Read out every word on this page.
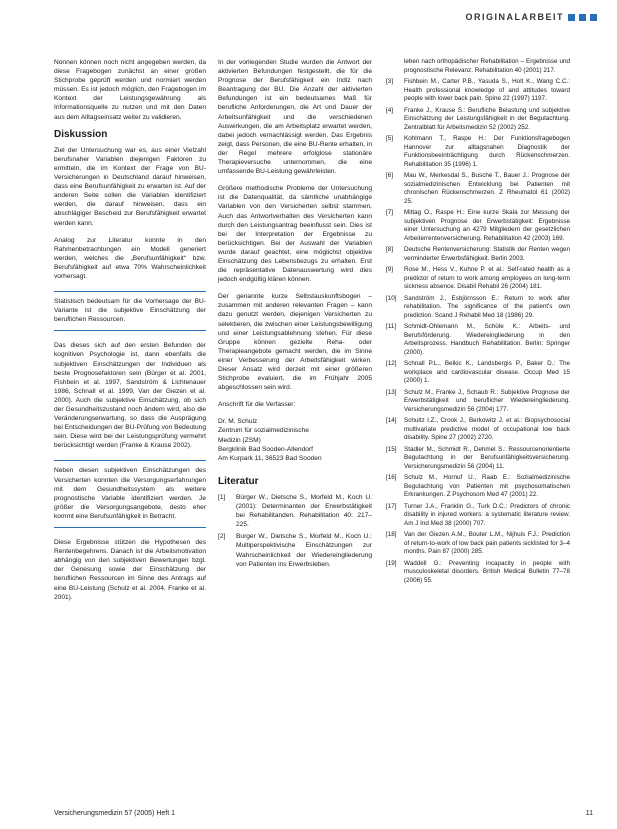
ORIGINALARBEIT

Nonnen können noch nicht angegeben werden, da diese Fragebogen zunächst an einer großen Stichprobe geprüft werden und normiert werden müssen. Es ist jedoch möglich, den Fragebogen im Kontext der Leistungsgewährung als Informationsquelle zu nutzen und mit den Daten aus dem Alltagseinsatz weiter zu validieren.

Diskussion

Ziel der Untersuchung war es, aus einer Vielzahl berufsnaher Variablen diejenigen Faktoren zu ermitteln, die im Kontext der Frage von BU-Versicherungen in Deutschland darauf hinweisen, dass eine Berufsunfähigkeit zu erwarten ist. Auf der anderen Seite sollen die Variablen identifiziert werden, die darauf hinweisen, dass ein abschlägiger Bescheid zur Berufsfähigkeit erwartet werden kann.

Analog zur Literatur konnte in den Rahmenbetrachtungen ein Modell generiert werden, welches die „Berufsunfähigkeit“ bzw. Berufsfähigkeit auf etwa 70% Wahrscheinlichkeit vorhersagt.

Statistisch bedeutsam für die Vorhersage der BU-Variante ist die subjektive Einschätzung der beruflichen Ressourcen.

Das dieses sich auf den ersten Befunden der kognitiven Psychologie ist, dann ebenfalls die subjektiven Einschätzungen der Individuen als beste Prognosefaktoren sein (Bürger et al. 2001, Fishbein et al. 1997, Sandström & Lichtenauer 1986, Schnall et al. 1999, Van der Giezen et al. 2000). Auch die subjektive Einschätzung, ob sich der Gesundheitszustand noch ändern wird, also die Veränderungserwartung, so dass die Ausprägung bei Entscheidungen der BU-Prüfung von Bedeutung sein. Diese wird bei der Leistungsprüfung vermehrt berücksichtigt werden (Franke & Krause 2002).

Neben diesen subjektiven Einschätzungen des Versicherten konnten die Versorgungserfahrungen mit dem Gesundheitssystem als weitere prognostische Variable identifiziert werden. Je größer die Versorgungsangebote, desto eher kommt eine Berufsunfähigkeit in Betracht.

Diese Ergebnisse stützen die Hypothesen des Rentenbegehrens. Danach ist die Arbeitsmotivation abhängig von den subjektiven Bewertungen bzgl. der Genesung sowie der Einschätzung der beruflichen Ressourcen im Sinne des Antrags auf eine BU-Leistung (Schulz et al. 2004, Franke et al. 2001).

In der vorliegenden Studie wurden die Antwort der aktivierten Befundungen festgestellt, die für die Prognose der Berufsfähigkeit ein Indiz nach Beantragung der BU. Die Anzahl der aktivierten Befundungen ist ein bedeutsames Maß für berufliche Anforderungen, die Art und Dauer der Arbeitsunfähigkeit und die verschiedenen Auswirkungen, die am Arbeitsplatz erwartet werden, dabei jedoch vernachlässigt werden. Das Ergebnis zeigt, dass Personen, die eine BU-Rente erhalten, in der Regel mehrere erfolglose stationäre Therapieversuche unternommen, die eine umfassende BU-Leistung gewährleisten.

Größere methodische Probleme der Untersuchung ist die Datenqualität, da sämtliche unabhängige Variablen von den Versicherten selbst stammen. Auch das Antwortverhalten des Versicherten kann durch den Leistungsantrag beeinflusst sein. Dies ist bei der Interpretation der Ergebnisse zu berücksichtigen. Bei der Auswahl der Variablen wurde darauf geachtet, eine möglichst objektive Einschätzung des Lebensbezugs zu erhalten. Erst die repräsentative Datenauswertung wird dies jedoch endgültig klären können.

Der genannte kurze Selbstauskunftsbogen – zusammen mit anderen relevanten Fragen – kann dazu genutzt werden, diejenigen Versicherten zu selektieren, die zwischen einer Leistungsbewilligung und einer Leistungsablehnung stehen. Für diese Gruppe können gezielte Reha- oder Therapieangebote gemacht werden, die im Sinne einer Verbesserung der Arbeitsfähigkeit wirken. Dieser Ansatz wird derzeit mit einer größeren Stichprobe evaluiert, die im Frühjahr 2005 abgeschlossen sein wird.

Anschrift für die Verfasser:

Dr. M. Schulz

Zentrum für sozialmedizinische

Medizin (ZSM)

Bergklinik Bad Sooden-Allendorf

Am Kurpark 11, 36523 Bad Sooden

Literatur
[1]	Bürger W., Dietsche S., Morfeld M., Koch U. (2001): Determinanten der Erwerbstätigkeit bei Rehabilitanden. Rehabilitation 40: 217–225.
[2]	Burger W., Dietsche S., Morfeld M., Koch U.: Multiperspektivische Einschätzungen zur Wahrscheinlichkeit der Wiedereingliederung von Patienten ins Erwerbsleben.
leben nach orthopädischer Rehabilitation – Ergebnisse und prognostische Relevanz. Rehabilitation 40 (2001) 217.
[3]	Fishbein M., Carter P.B., Yasuda S., Holt K., Wang C.C.: Health professional knowledge of and attitudes toward people with lower back pain. Spine 22 (1997) 1197.
[4]	Franke J., Krause S.: Berufliche Belastung und subjektive Einschätzung der Leistungsfähigkeit in der Begutachtung. Zentralblatt für Arbeitsmedizin 52 (2002) 252.
[5]	Kohlmann T., Raspe H.: Der Funktionsfragebogen Hannover zur alltagsnahen Diagnostik der Funktionsbeeinträchtigung durch Rückenschmerzen. Rehabilitation 35 (1996) 1.
[6]	Mau W., Merkesdal S., Busche T., Bauer J.: Prognose der sozialmedizinischen Entwicklung bei Patienten mit chronischen Rückenschmerzen. Z Rheumatol 61 (2002) 25.
[7]	Mittag O., Raspe H.: Eine kurze Skala zur Messung der subjektiven Prognose der Erwerbstätigkeit: Ergebnisse einer Untersuchung an 4279 Mitgliedern der gesetzlichen Arbeiterrentenversicherung. Rehabilitation 42 (2003) 169.
[8]	Deutsche Rentenversicherung: Statistik der Renten wegen verminderter Erwerbsfähigkeit. Berlin 2003.
[9]	Rose M., Hess V., Kuhne P. et al.: Self-rated health as a predictor of return to work among employees on long-term sickness absence. Disabil Rehabil 26 (2004) 181.
[10]	Sandström J., Esbjörnsson E.: Return to work after rehabilitation. The significance of the patient's own prediction. Scand J Rehabil Med 18 (1986) 29.
[11]	Schmidt-Ohlemann M., Schüle K.: Arbeits- und Berufsförderung. Wiedereingliederung in den Arbeitsprozess. Handbuch Rehabilitation. Berlin: Springer (2000).
[12]	Schnall P.L., Belkic K., Landsbergis P., Baker D.: The workplace and cardiovascular disease. Occup Med 15 (2000) 1.
[13]	Schulz M., Franke J., Schaub R.: Subjektive Prognose der Erwerbstätigkeit und beruflicher Wiedereingliederung. Versicherungsmedizin 56 (2004) 177.
[14]	Schultz I.Z., Crook J., Berkowitz J. et al.: Biopsychosocial multivariate predictive model of occupational low back disability. Spine 27 (2002) 2720.
[15]	Stadler M., Schmidt R., Dehmel S.: Ressourcenorientierte Begutachtung in der Berufsunfähigkeitsversicherung. Versicherungsmedizin 56 (2004) 11.
[16]	Schulz M., Hornuf U., Raab E.: Sozialmedizinische Begutachtung von Patienten mit psychosomatischen Erkrankungen. Z Psychosom Med 47 (2001) 22.
[17]	Turner J.A., Franklin G., Turk D.C.: Predictors of chronic disability in injured workers: a systematic literature review. Am J Ind Med 38 (2000) 707.
[18]	Van der Giezen A.M., Bouter L.M., Nijhuis F.J.: Prediction of return-to-work of low back pain patients sicklisted for 3–4 months. Pain 87 (2000) 285.
[19]	Waddell G.: Preventing incapacity in people with musculoskeletal disorders. British Medical Bulletin 77–78 (2006) 55.
Versicherungsmedizin 57 (2005) Heft 1	11
